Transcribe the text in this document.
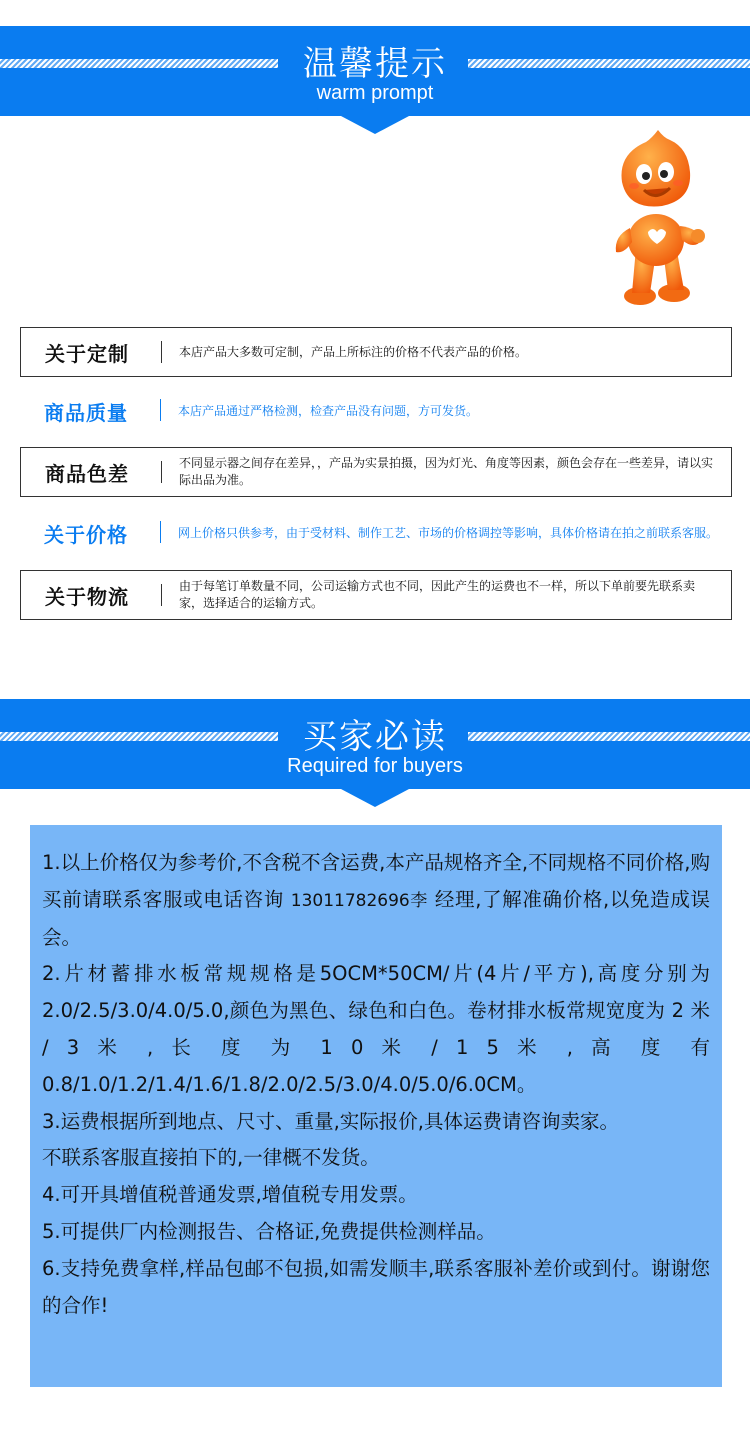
温馨提示
warm prompt
关于定制	本店产品大多数可定制，产品上所标注的价格不代表产品的价格。
商品质量	本店产品通过严格检测，检查产品没有问题，方可发货。
商品色差	不同显示器之间存在差异，，产品为实景拍摄，因为灯光、角度等因素，颜色会存在一些差异，请以实际出品为准。
关于价格	网上价格只供参考，由于受材料、制作工艺、市场的价格调控等影响，具体价格请在拍之前联系客服。
关于物流	由于每笔订单数量不同，公司运输方式也不同，因此产生的运费也不一样，所以下单前要先联系卖家，选择适合的运输方式。
买家必读
Required for buyers

1.以上价格仅为参考价,不含税不含运费,本产品规格齐全,不同规格不同价格,购买前请联系客服或电话咨询 13011782696李 经理,了解准确价格,以免造成误会。

2.片材蓄排水板常规规格是5OCM*50CM/片(4片/平方),高度分别为2.0/2.5/3.0/4.0/5.0,颜色为黑色、绿色和白色。卷材排水板常规宽度为 2 米 / 3 米 , 长 度 为 1 0 米 / 1 5 米 , 高 度 有 0.8/1.0/1.2/1.4/1.6/1.8/2.0/2.5/3.0/4.0/5.0/6.0CM。

3.运费根据所到地点、尺寸、重量,实际报价,具体运费请咨询卖家。

不联系客服直接拍下的,一律概不发货。

4.可开具增值税普通发票,增值税专用发票。

5.可提供厂内检测报告、合格证,免费提供检测样品。

6.支持免费拿样,样品包邮不包损,如需发顺丰,联系客服补差价或到付。谢谢您的合作!
